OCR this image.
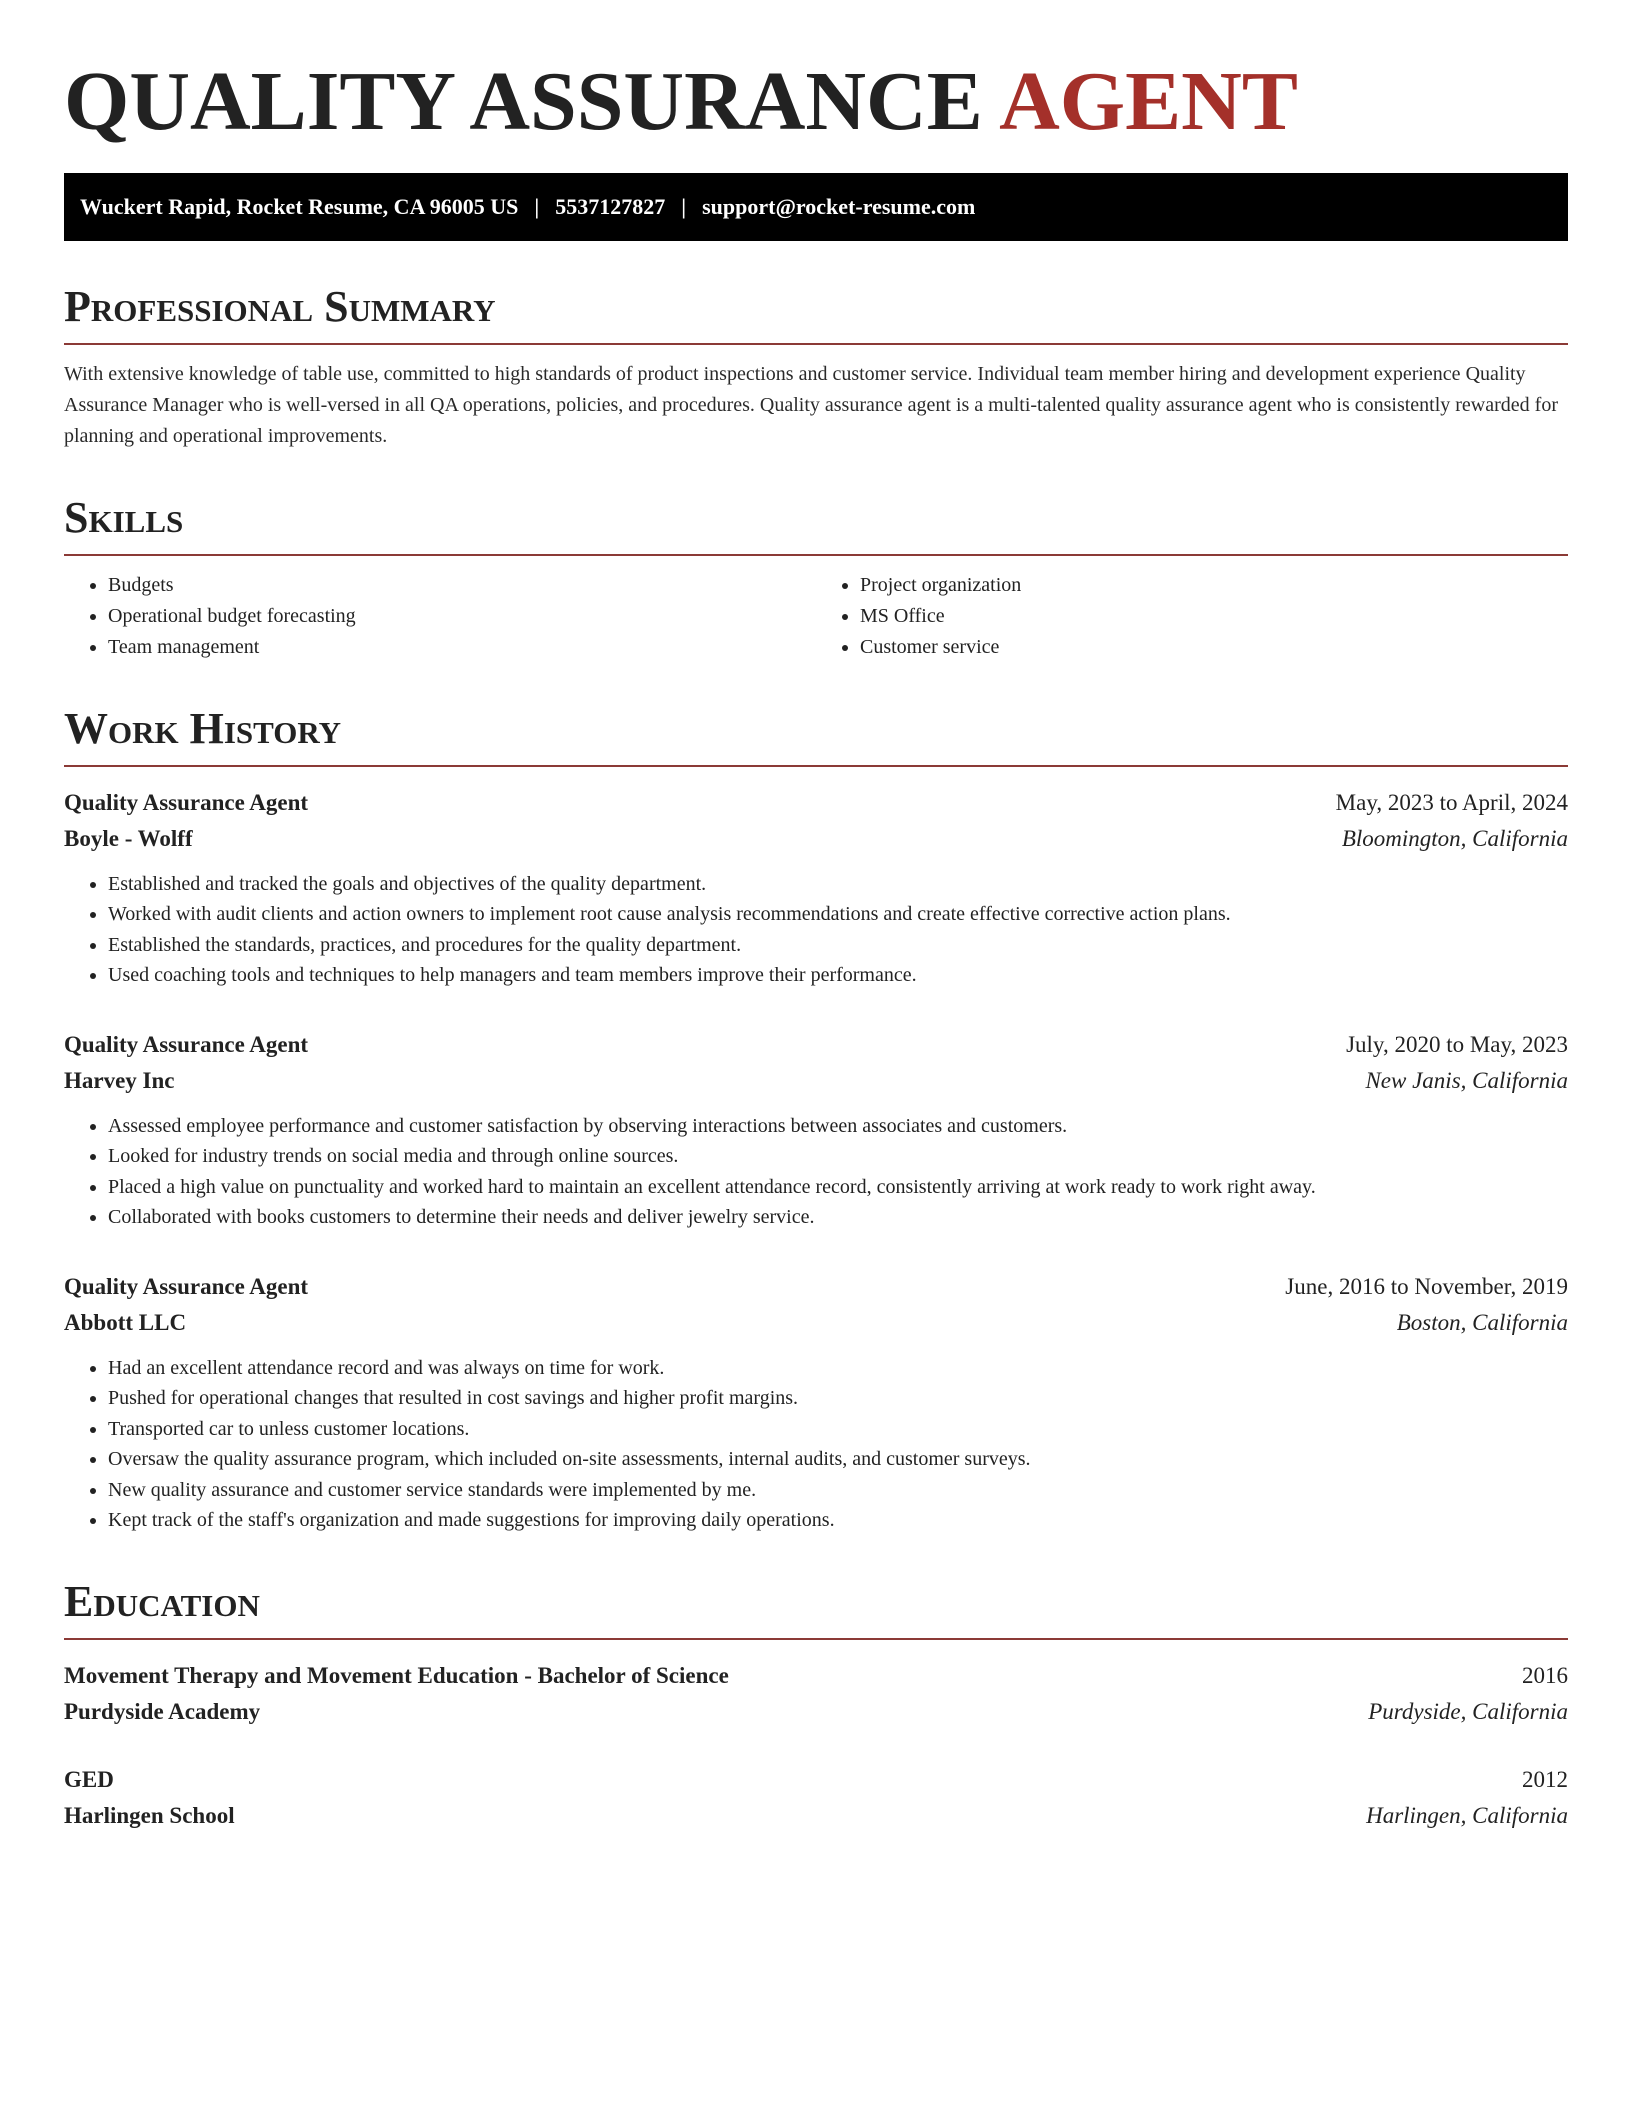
QUALITY ASSURANCE AGENT
Wuckert Rapid, Rocket Resume, CA 96005 US | 5537127827 | support@rocket-resume.com
Professional Summary

With extensive knowledge of table use, committed to high standards of product inspections and customer service. Individual team member hiring and development experience Quality Assurance Manager who is well-versed in all QA operations, policies, and procedures. Quality assurance agent is a multi-talented quality assurance agent who is consistently rewarded for planning and operational improvements.

Skills
• Budgets
• Operational budget forecasting
• Team management
• Project organization
• MS Office
• Customer service
Work History
Quality Assurance Agent	May, 2023 to April, 2024
Boyle - Wolff	Bloomington, California
• Established and tracked the goals and objectives of the quality department.
• Worked with audit clients and action owners to implement root cause analysis recommendations and create effective corrective action plans.
• Established the standards, practices, and procedures for the quality department.
• Used coaching tools and techniques to help managers and team members improve their performance.
Quality Assurance Agent	July, 2020 to May, 2023
Harvey Inc	New Janis, California
• Assessed employee performance and customer satisfaction by observing interactions between associates and customers.
• Looked for industry trends on social media and through online sources.
• Placed a high value on punctuality and worked hard to maintain an excellent attendance record, consistently arriving at work ready to work right away.
• Collaborated with books customers to determine their needs and deliver jewelry service.
Quality Assurance Agent	June, 2016 to November, 2019
Abbott LLC	Boston, California
• Had an excellent attendance record and was always on time for work.
• Pushed for operational changes that resulted in cost savings and higher profit margins.
• Transported car to unless customer locations.
• Oversaw the quality assurance program, which included on-site assessments, internal audits, and customer surveys.
• New quality assurance and customer service standards were implemented by me.
• Kept track of the staff's organization and made suggestions for improving daily operations.
Education
Movement Therapy and Movement Education - Bachelor of Science	2016
Purdyside Academy	Purdyside, California
GED	2012
Harlingen School	Harlingen, California
